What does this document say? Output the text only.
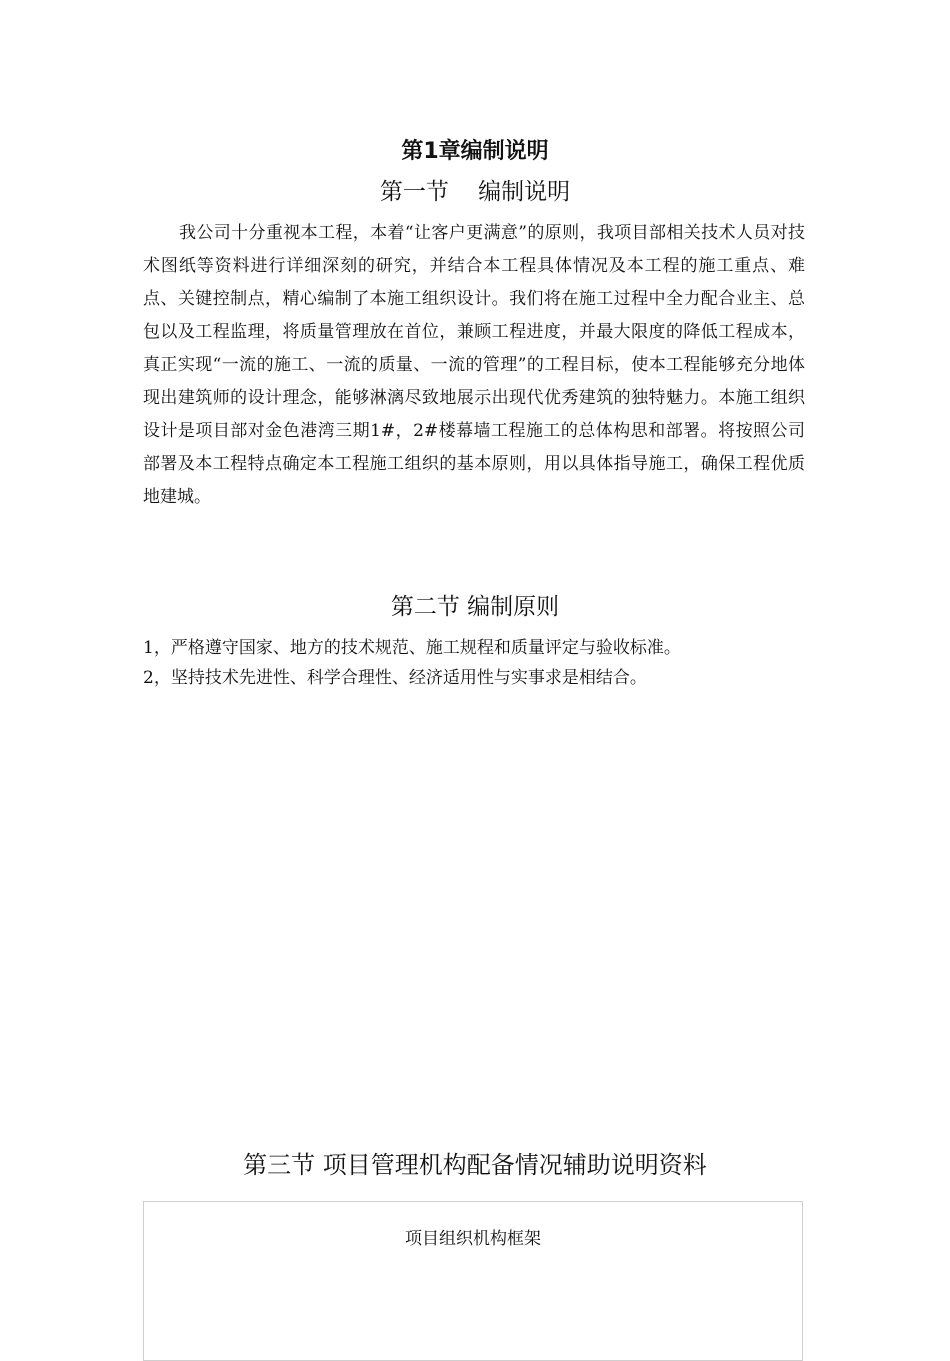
第1章编制说明
第一节    编制说明

我公司十分重视本工程，本着“让客户更满意”的原则，我项目部相关技术人员对技术图纸等资料进行详细深刻的研究，并结合本工程具体情况及本工程的施工重点、难点、关键控制点，精心编制了本施工组织设计。我们将在施工过程中全力配合业主、总包以及工程监理，将质量管理放在首位，兼顾工程进度，并最大限度的降低工程成本，真正实现“一流的施工、一流的质量、一流的管理”的工程目标，使本工程能够充分地体现出建筑师的设计理念，能够淋漓尽致地展示出现代优秀建筑的独特魅力。本施工组织设计是项目部对金色港湾三期1#，2#楼幕墙工程施工的总体构思和部署。将按照公司部署及本工程特点确定本工程施工组织的基本原则，用以具体指导施工，确保工程优质地建城。

第二节 编制原则
1，严格遵守国家、地方的技术规范、施工规程和质量评定与验收标准。
2，坚持技术先进性、科学合理性、经济适用性与实事求是相结合。
第三节 项目管理机构配备情况辅助说明资料
项目组织机构框架
